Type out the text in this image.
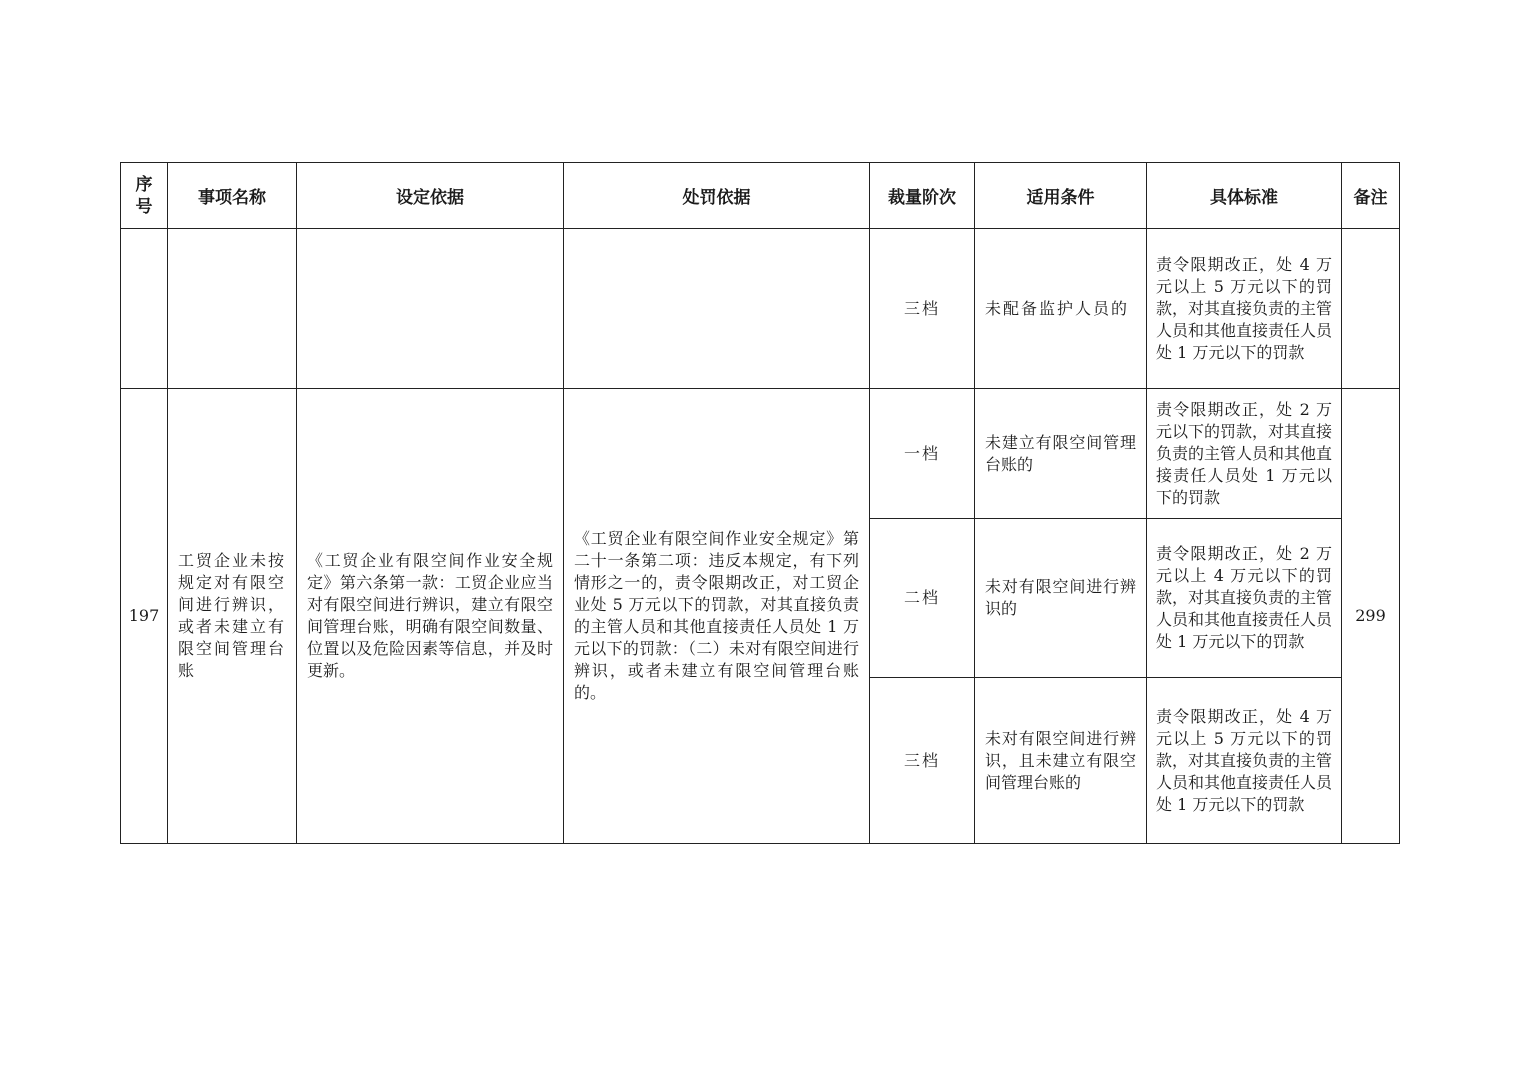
序号	事项名称	设定依据	处罚依据	裁量阶次	适用条件	具体标准	备注
				三档	未配备监护人员的	责令限期改正，处 4 万元以上 5 万元以下的罚款，对其直接负责的主管人员和其他直接责任人员处 1 万元以下的罚款	
197	工贸企业未按规定对有限空间进行辨识，或者未建立有限空间管理台账	《工贸企业有限空间作业安全规定》第六条第一款：工贸企业应当对有限空间进行辨识，建立有限空间管理台账，明确有限空间数量、位置以及危险因素等信息，并及时更新。	《工贸企业有限空间作业安全规定》第二十一条第二项：违反本规定，有下列情形之一的，责令限期改正，对工贸企业处 5 万元以下的罚款，对其直接负责的主管人员和其他直接责任人员处 1 万元以下的罚款：（二）未对有限空间进行辨识，或者未建立有限空间管理台账的。	一档	未建立有限空间管理台账的	责令限期改正，处 2 万元以下的罚款，对其直接负责的主管人员和其他直接责任人员处 1 万元以下的罚款	299
				二档	未对有限空间进行辨识的	责令限期改正，处 2 万元以上 4 万元以下的罚款，对其直接负责的主管人员和其他直接责任人员处 1 万元以下的罚款	
				三档	未对有限空间进行辨识，且未建立有限空间管理台账的	责令限期改正，处 4 万元以上 5 万元以下的罚款，对其直接负责的主管人员和其他直接责任人员处 1 万元以下的罚款	
